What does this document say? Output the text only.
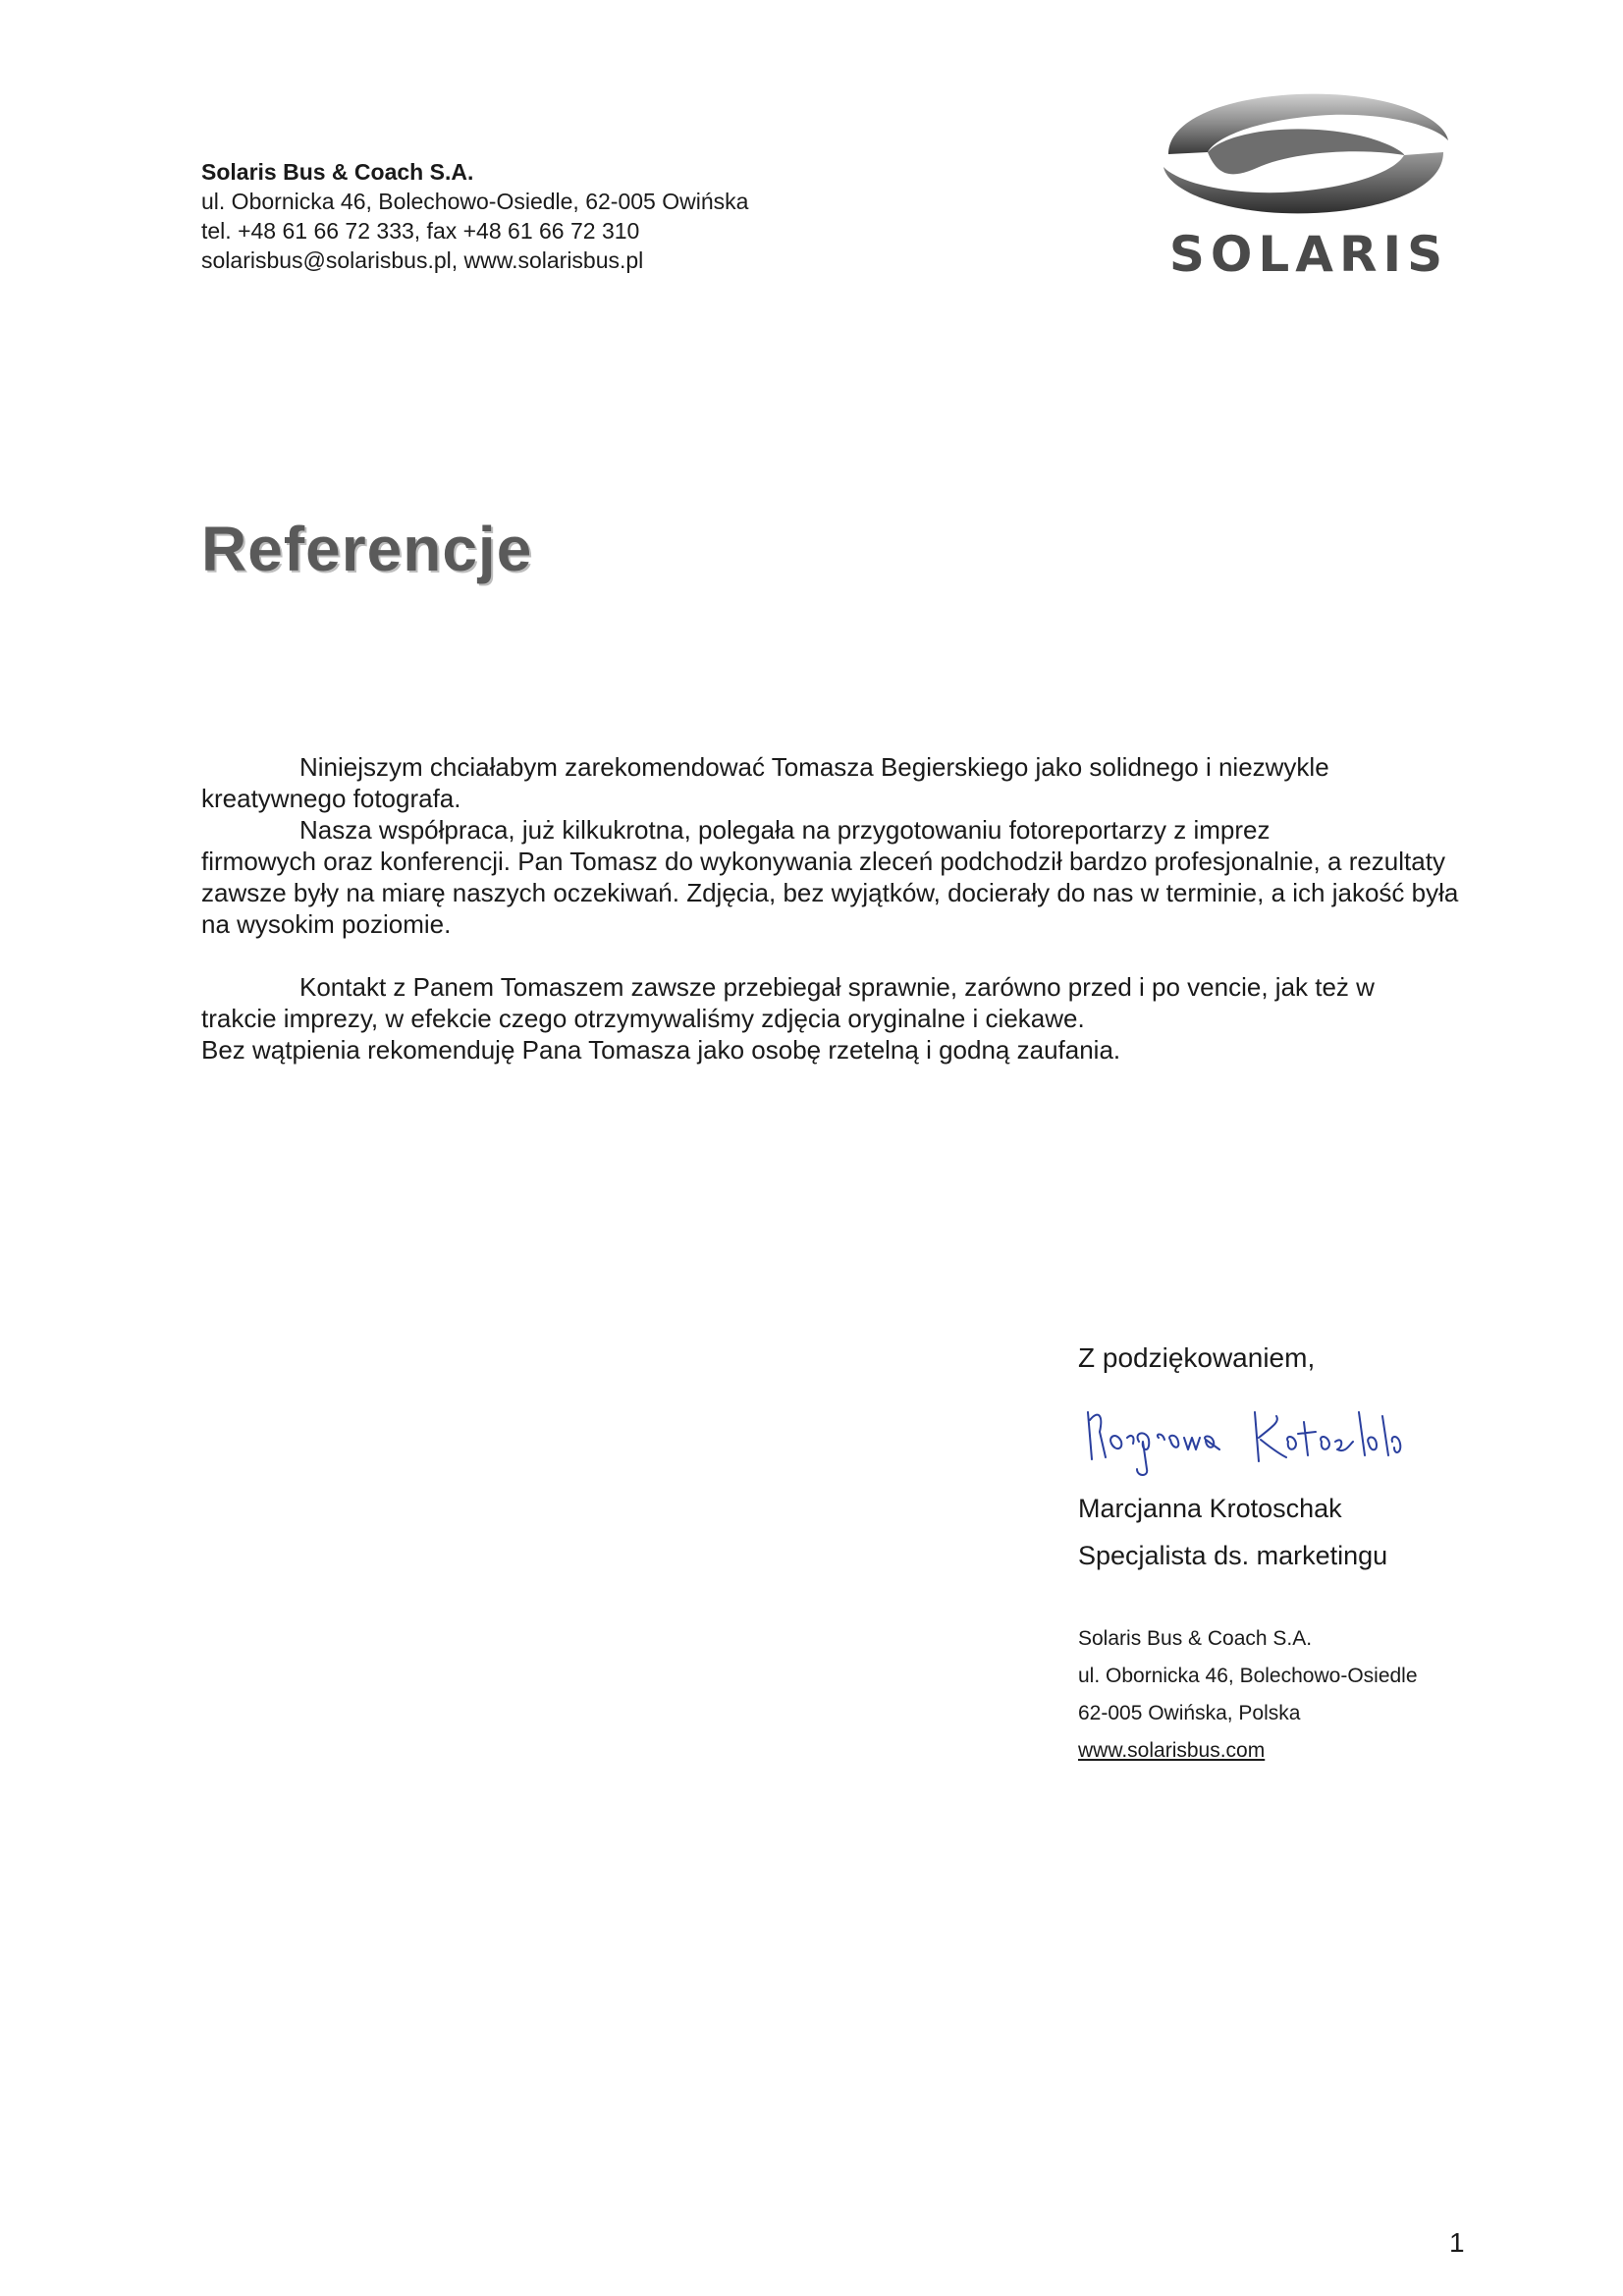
Solaris Bus & Coach S.A.

ul. Obornicka 46, Bolechowo-Osiedle, 62-005 Owińska

tel. +48 61 66 72 333, fax +48 61 66 72 310

solarisbus@solarisbus.pl, www.solarisbus.pl	SOLARIS
Referencje

Niniejszym chciałabym zarekomendować Tomasza Begierskiego jako solidnego i niezwykle

kreatywnego fotografa.

Nasza współpraca, już kilkukrotna, polegała na przygotowaniu fotoreportarzy z imprez

firmowych oraz konferencji. Pan Tomasz do wykonywania zleceń podchodził bardzo profesjonalnie, a rezultaty zawsze były na miarę naszych oczekiwań. Zdjęcia, bez wyjątków, docierały do nas w terminie, a ich jakość była na wysokim poziomie.

Kontakt z Panem Tomaszem zawsze przebiegał sprawnie, zarówno przed i po vencie, jak też w

trakcie imprezy, w efekcie czego otrzymywaliśmy zdjęcia oryginalne i ciekawe.

Bez wątpienia rekomenduję Pana Tomasza jako osobę rzetelną i godną zaufania.

Z podziękowaniem,

Marcjanna Krotoschak

Specjalista ds. marketingu

Solaris Bus & Coach S.A.

ul. Obornicka 46, Bolechowo-Osiedle

62-005 Owińska, Polska

www.solarisbus.com

1
